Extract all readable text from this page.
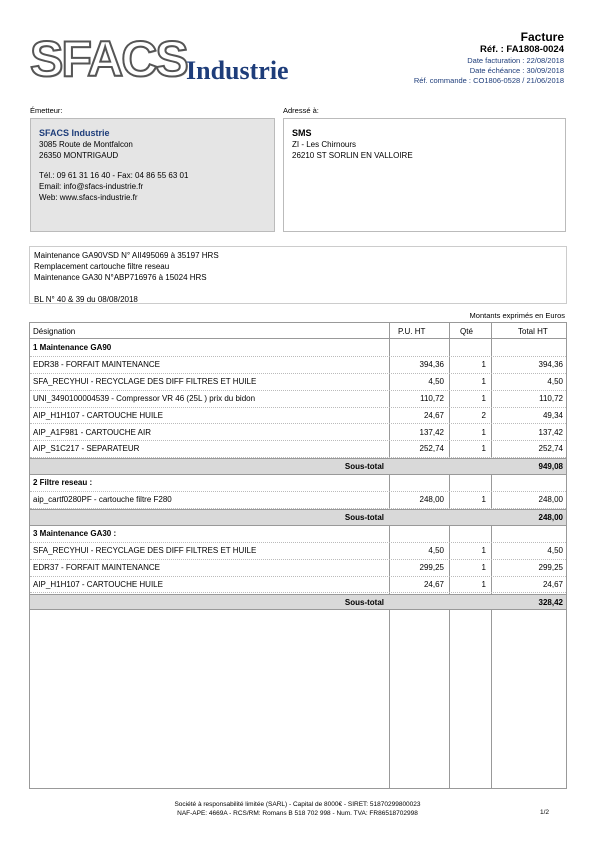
SFACS Industrie
Facture
Réf. : FA1808-0024
Date facturation : 22/08/2018
Date échéance : 30/09/2018
Réf. commande : CO1806-0528 / 21/06/2018
Émetteur:	Adressé à:
SFACS Industrie
3085 Route de Montfalcon
26350 MONTRIGAUD
Tél.: 09 61 31 16 40 - Fax: 04 86 55 63 01
Email: info@sfacs-industrie.fr
Web: www.sfacs-industrie.fr
SMS
ZI - Les Chirnours
26210 ST SORLIN EN VALLOIRE
Maintenance GA90VSD N° AII495069 à 35197 HRS
Remplacement cartouche filtre reseau
Maintenance GA30 N°ABP716976 à 15024 HRS
BL N° 40 & 39 du 08/08/2018
Montants exprimés en Euros
Désignation	P.U. HT	Qté	Total HT
1 Maintenance GA90
EDR38 - FORFAIT MAINTENANCE	394,36	1	394,36
SFA_RECYHUI - RECYCLAGE DES DIFF FILTRES ET HUILE	4,50	1	4,50
UNI_3490100004539 - Compressor VR 46 (25L ) prix du bidon	110,72	1	110,72
AIP_H1H107 - CARTOUCHE HUILE	24,67	2	49,34
AIP_A1F981 - CARTOUCHE AIR	137,42	1	137,42
AIP_S1C217 - SEPARATEUR	252,74	1	252,74
Sous-total	949,08
2 Filtre reseau :
aip_cartf0280PF - cartouche filtre F280	248,00	1	248,00
Sous-total	248,00
3 Maintenance GA30 :
SFA_RECYHUI - RECYCLAGE DES DIFF FILTRES ET HUILE	4,50	1	4,50
EDR37 - FORFAIT MAINTENANCE	299,25	1	299,25
AIP_H1H107 - CARTOUCHE HUILE	24,67	1	24,67
Sous-total	328,42
Société à responsabilité limitée (SARL) - Capital de 8000€ - SIRET: 51870299800023
NAF-APE: 4669A - RCS/RM: Romans B 518 702 998 - Num. TVA: FR86518702998	1/2
